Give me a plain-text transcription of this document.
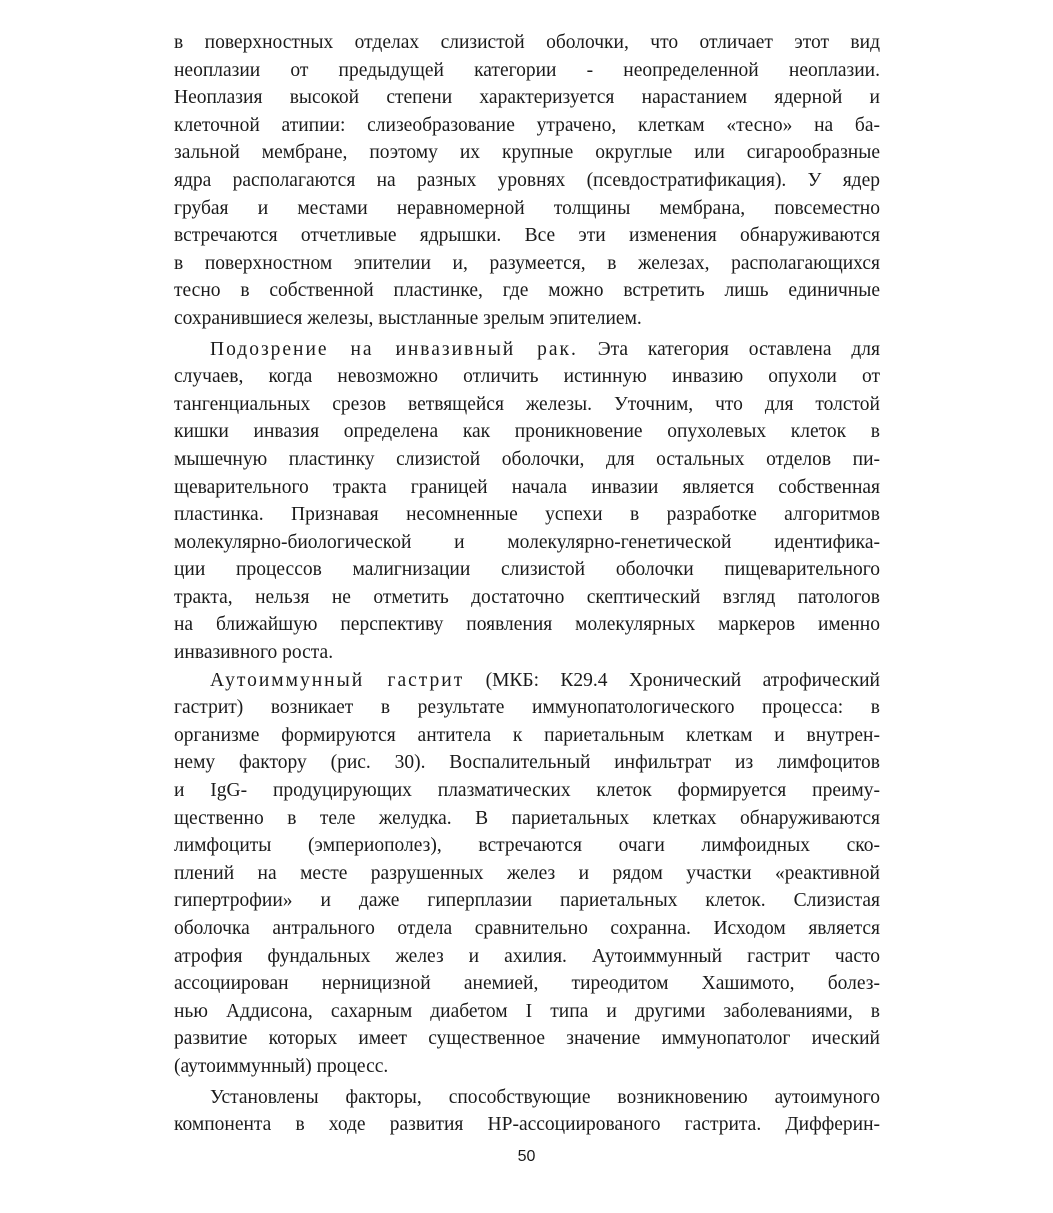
в поверхностных отделах слизистой оболочки, что отличает этот вид
неоплазии от предыдущей категории - неопределенной неоплазии.
Неоплазия высокой степени характеризуется нарастанием ядерной и
клеточной атипии: слизеобразование утрачено, клеткам «тесно» на ба-
зальной мембране, поэтому их крупные округлые или сигарообразные
ядра располагаются на разных уровнях (псевдостратификация). У ядер
грубая и местами неравномерной толщины мембрана, повсеместно
встречаются отчетливые ядрышки. Все эти изменения обнаруживаются
в поверхностном эпителии и, разумеется, в железах, располагающихся
тесно в собственной пластинке, где можно встретить лишь единичные
сохранившиеся железы, выстланные зрелым эпителием.
Подозрение на инвазивный рак. Эта категория оставлена для
случаев, когда невозможно отличить истинную инвазию опухоли от
тангенциальных срезов ветвящейся железы. Уточним, что для толстой
кишки инвазия определена как проникновение опухолевых клеток в
мышечную пластинку слизистой оболочки, для остальных отделов пи-
щеварительного тракта границей начала инвазии является собственная
пластинка. Признавая несомненные успехи в разработке алгоритмов
молекулярно-биологической и молекулярно-генетической идентифика-
ции процессов малигнизации слизистой оболочки пищеварительного
тракта, нельзя не отметить достаточно скептический взгляд патологов
на ближайшую перспективу появления молекулярных маркеров именно
инвазивного роста.
Аутоиммунный гастрит (МКБ: К29.4 Хронический атрофический
гастрит) возникает в результате иммунопатологического процесса: в
организме формируются антитела к париетальным клеткам и внутрен-
нему фактору (рис. 30). Воспалительный инфильтрат из лимфоцитов
и IgG- продуцирующих плазматических клеток формируется преиму-
щественно в теле желудка. В париетальных клетках обнаруживаются
лимфоциты (эмпериополез), встречаются очаги лимфоидных ско-
плений на месте разрушенных желез и рядом участки «реактивной
гипертрофии» и даже гиперплазии париетальных клеток. Слизистая
оболочка антрального отдела сравнительно сохранна. Исходом является
атрофия фундальных желез и ахилия. Аутоиммунный гастрит часто
ассоциирован нерницизной анемией, тиреодитом Хашимото, болез-
нью Аддисона, сахарным диабетом I типа и другими заболеваниями, в
развитие которых имеет существенное значение иммунопатолог ический
(аутоиммунный) процесс.
Установлены факторы, способствующие возникновению аутоимуного
компонента в ходе развития НР-ассоциированого гастрита. Дифферин-
50
